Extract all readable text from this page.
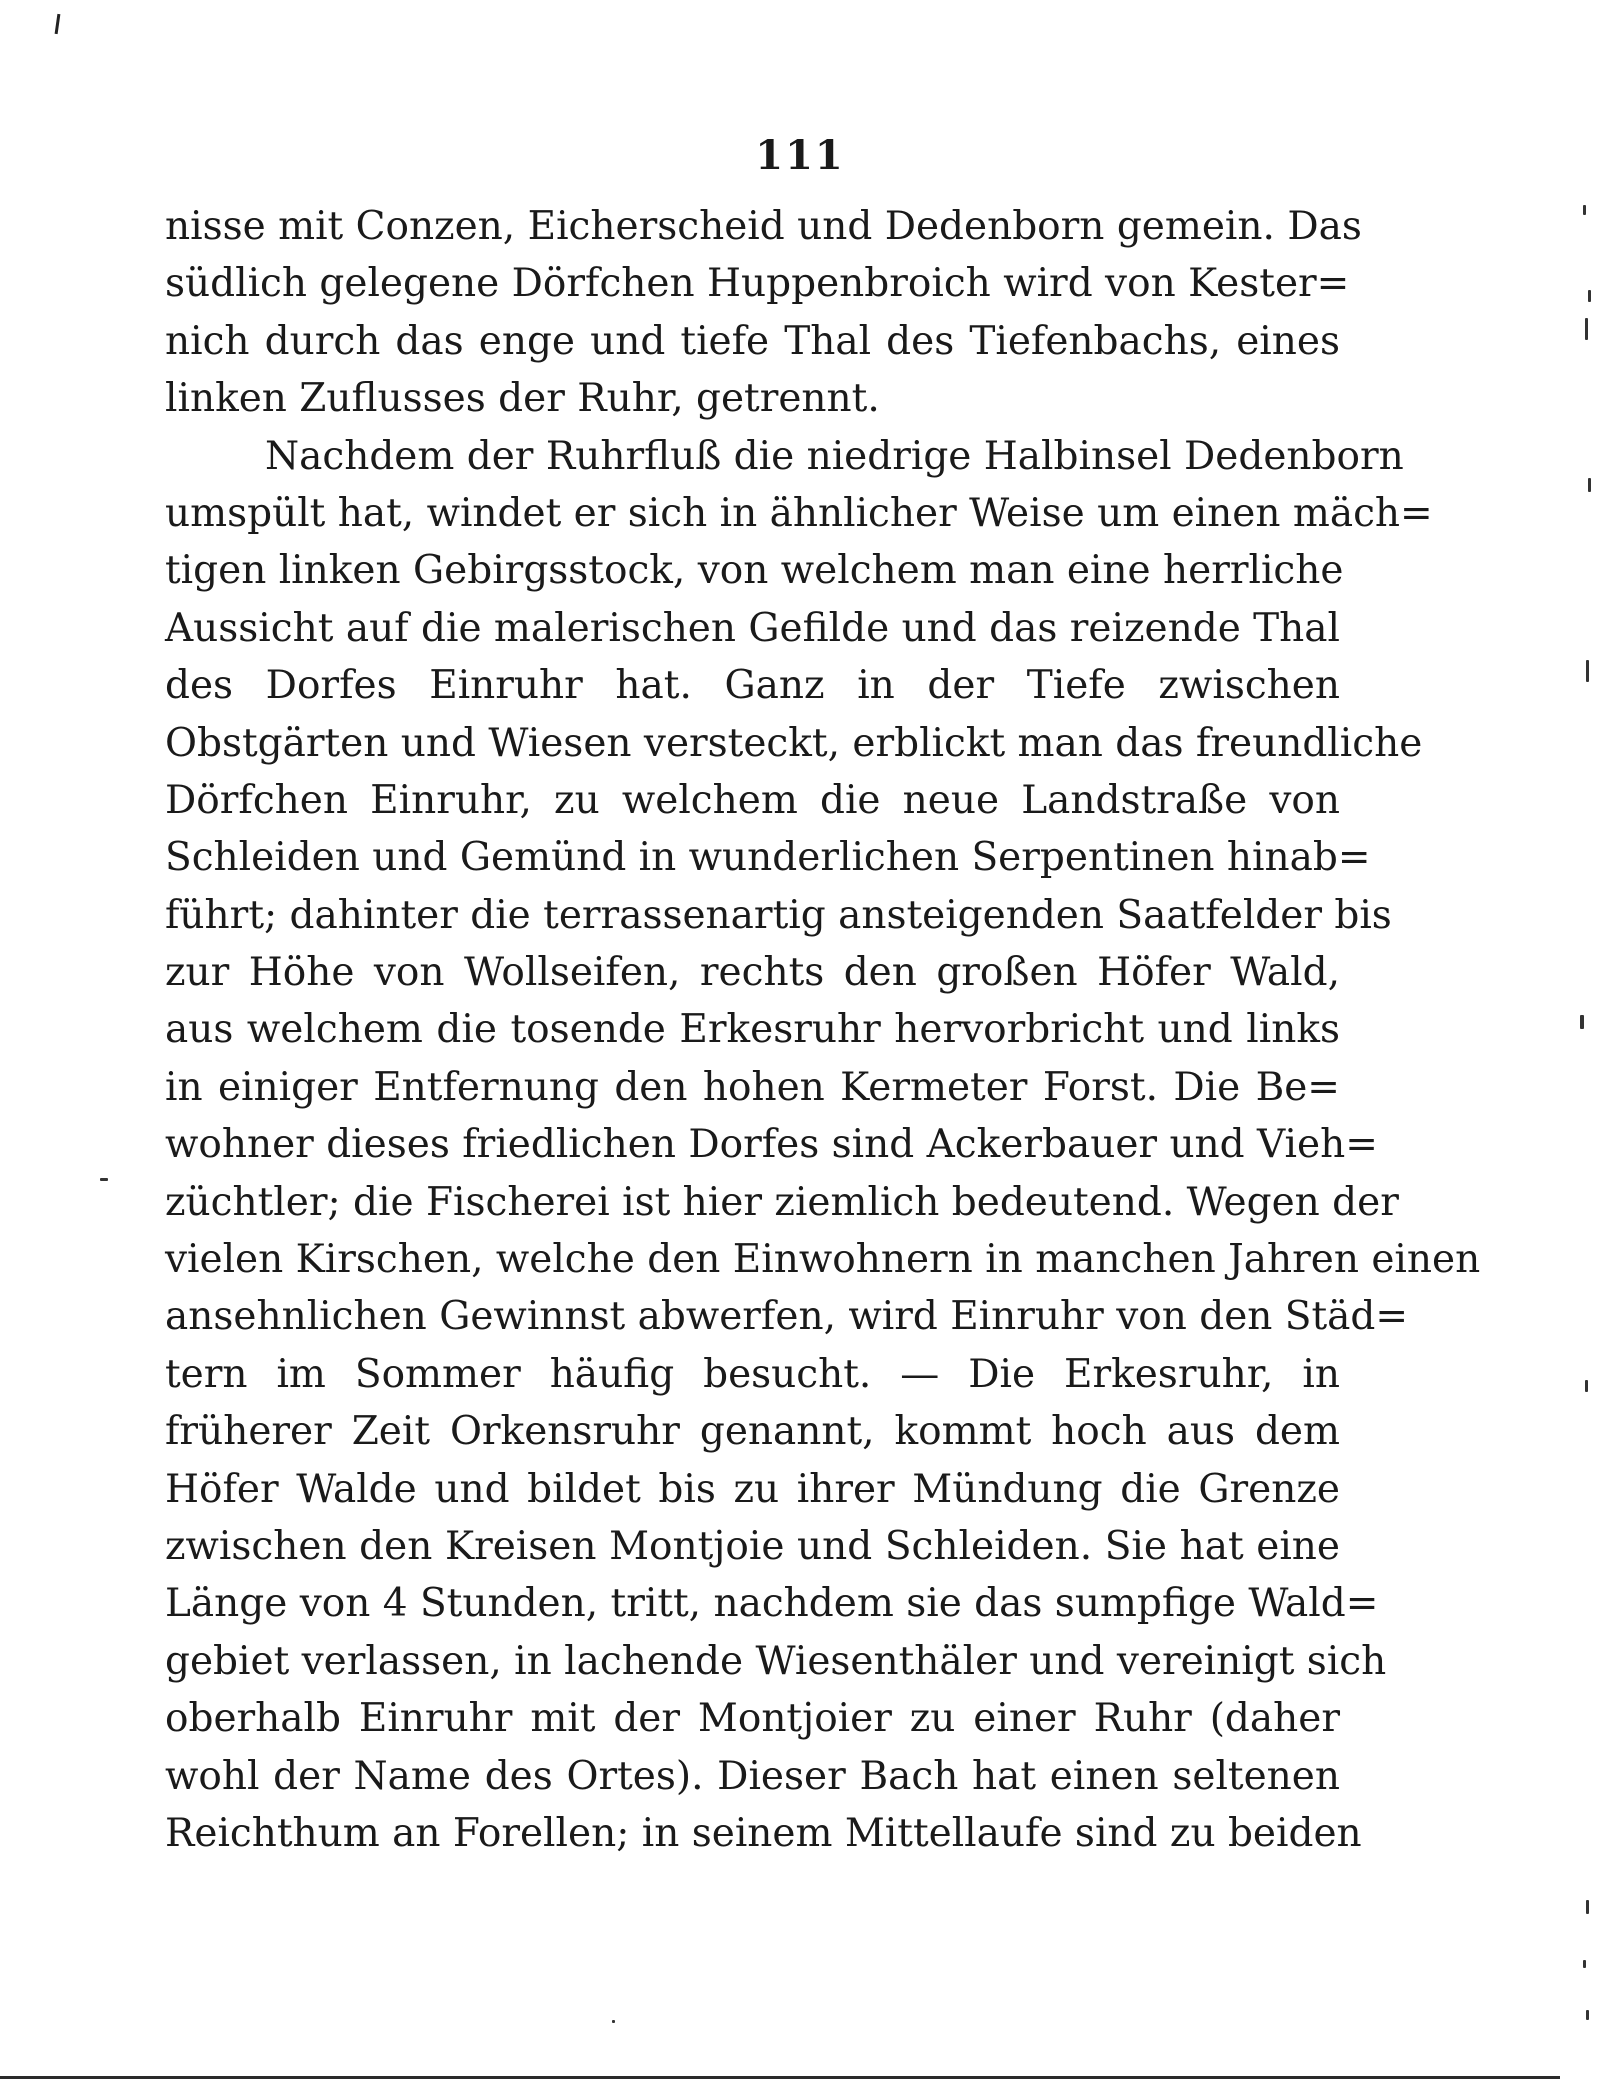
111
nisse mit Conzen, Eicherscheid und Dedenborn gemein. Das
südlich gelegene Dörfchen Huppenbroich wird von Kester=
nich durch das enge und tiefe Thal des Tiefenbachs, eines
linken Zuflusses der Ruhr, getrennt.
Nachdem der Ruhrfluß die niedrige Halbinsel Dedenborn
umspült hat, windet er sich in ähnlicher Weise um einen mäch=
tigen linken Gebirgsstock, von welchem man eine herrliche
Aussicht auf die malerischen Gefilde und das reizende Thal
des Dorfes Einruhr hat. Ganz in der Tiefe zwischen
Obstgärten und Wiesen versteckt, erblickt man das freundliche
Dörfchen Einruhr, zu welchem die neue Landstraße von
Schleiden und Gemünd in wunderlichen Serpentinen hinab=
führt; dahinter die terrassenartig ansteigenden Saatfelder bis
zur Höhe von Wollseifen, rechts den großen Höfer Wald,
aus welchem die tosende Erkesruhr hervorbricht und links
in einiger Entfernung den hohen Kermeter Forst. Die Be=
wohner dieses friedlichen Dorfes sind Ackerbauer und Vieh=
züchtler; die Fischerei ist hier ziemlich bedeutend. Wegen der
vielen Kirschen, welche den Einwohnern in manchen Jahren einen
ansehnlichen Gewinnst abwerfen, wird Einruhr von den Städ=
tern im Sommer häufig besucht. — Die Erkesruhr, in
früherer Zeit Orkensruhr genannt, kommt hoch aus dem
Höfer Walde und bildet bis zu ihrer Mündung die Grenze
zwischen den Kreisen Montjoie und Schleiden. Sie hat eine
Länge von 4 Stunden, tritt, nachdem sie das sumpfige Wald=
gebiet verlassen, in lachende Wiesenthäler und vereinigt sich
oberhalb Einruhr mit der Montjoier zu einer Ruhr (daher
wohl der Name des Ortes). Dieser Bach hat einen seltenen
Reichthum an Forellen; in seinem Mittellaufe sind zu beiden
